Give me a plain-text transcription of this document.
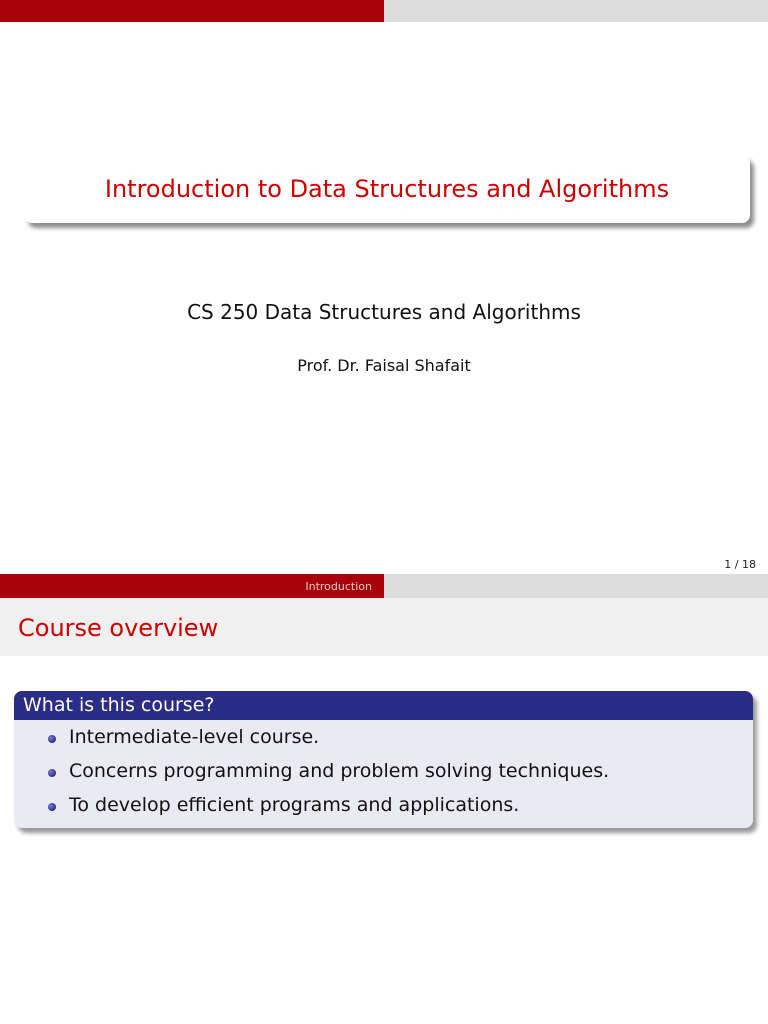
Introduction to Data Structures and Algorithms
CS 250 Data Structures and Algorithms
Prof. Dr. Faisal Shafait
1 / 18
Introduction
Course overview
What is this course?
Intermediate-level course.
Concerns programming and problem solving techniques.
To develop efficient programs and applications.
